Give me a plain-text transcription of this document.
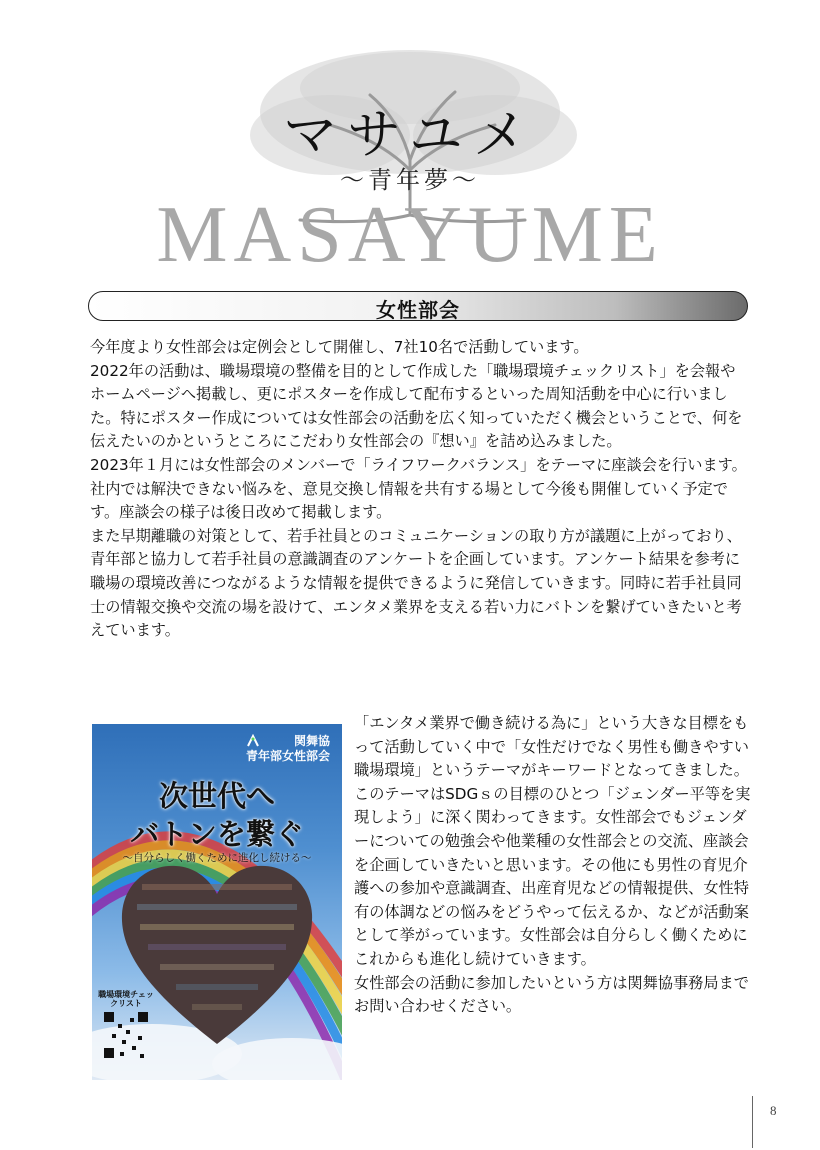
マサユメ
～青年夢～
MASAYUME
女性部会

今年度より女性部会は定例会として開催し、7社10名で活動しています。

2022年の活動は、職場環境の整備を目的として作成した「職場環境チェックリスト」を会報やホームページへ掲載し、更にポスターを作成して配布するといった周知活動を中心に行いました。特にポスター作成については女性部会の活動を広く知っていただく機会ということで、何を伝えたいのかというところにこだわり女性部会の『想い』を詰め込みました。

2023年１月には女性部会のメンバーで「ライフワークバランス」をテーマに座談会を行います。社内では解決できない悩みを、意見交換し情報を共有する場として今後も開催していく予定です。座談会の様子は後日改めて掲載します。

また早期離職の対策として、若手社員とのコミュニケーションの取り方が議題に上がっており、青年部と協力して若手社員の意識調査のアンケートを企画しています。アンケート結果を参考に職場の環境改善につながるような情報を提供できるように発信していきます。同時に若手社員同士の情報交換や交流の場を設けて、エンタメ業界を支える若い力にバトンを繋げていきたいと考えています。

関舞協
青年部女性部会
次世代へ
バトンを繋ぐ
～自分らしく働くために進化し続ける～
職場環境チェックリスト

「エンタメ業界で働き続ける為に」という大きな目標をもって活動していく中で「女性だけでなく男性も働きやすい職場環境」というテーマがキーワードとなってきました。このテーマはSDGｓの目標のひとつ「ジェンダー平等を実現しよう」に深く関わってきます。女性部会でもジェンダーについての勉強会や他業種の女性部会との交流、座談会を企画していきたいと思います。その他にも男性の育児介護への参加や意識調査、出産育児などの情報提供、女性特有の体調などの悩みをどうやって伝えるか、などが活動案として挙がっています。女性部会は自分らしく働くためにこれからも進化し続けていきます。

女性部会の活動に参加したいという方は関舞協事務局までお問い合わせください。

8
